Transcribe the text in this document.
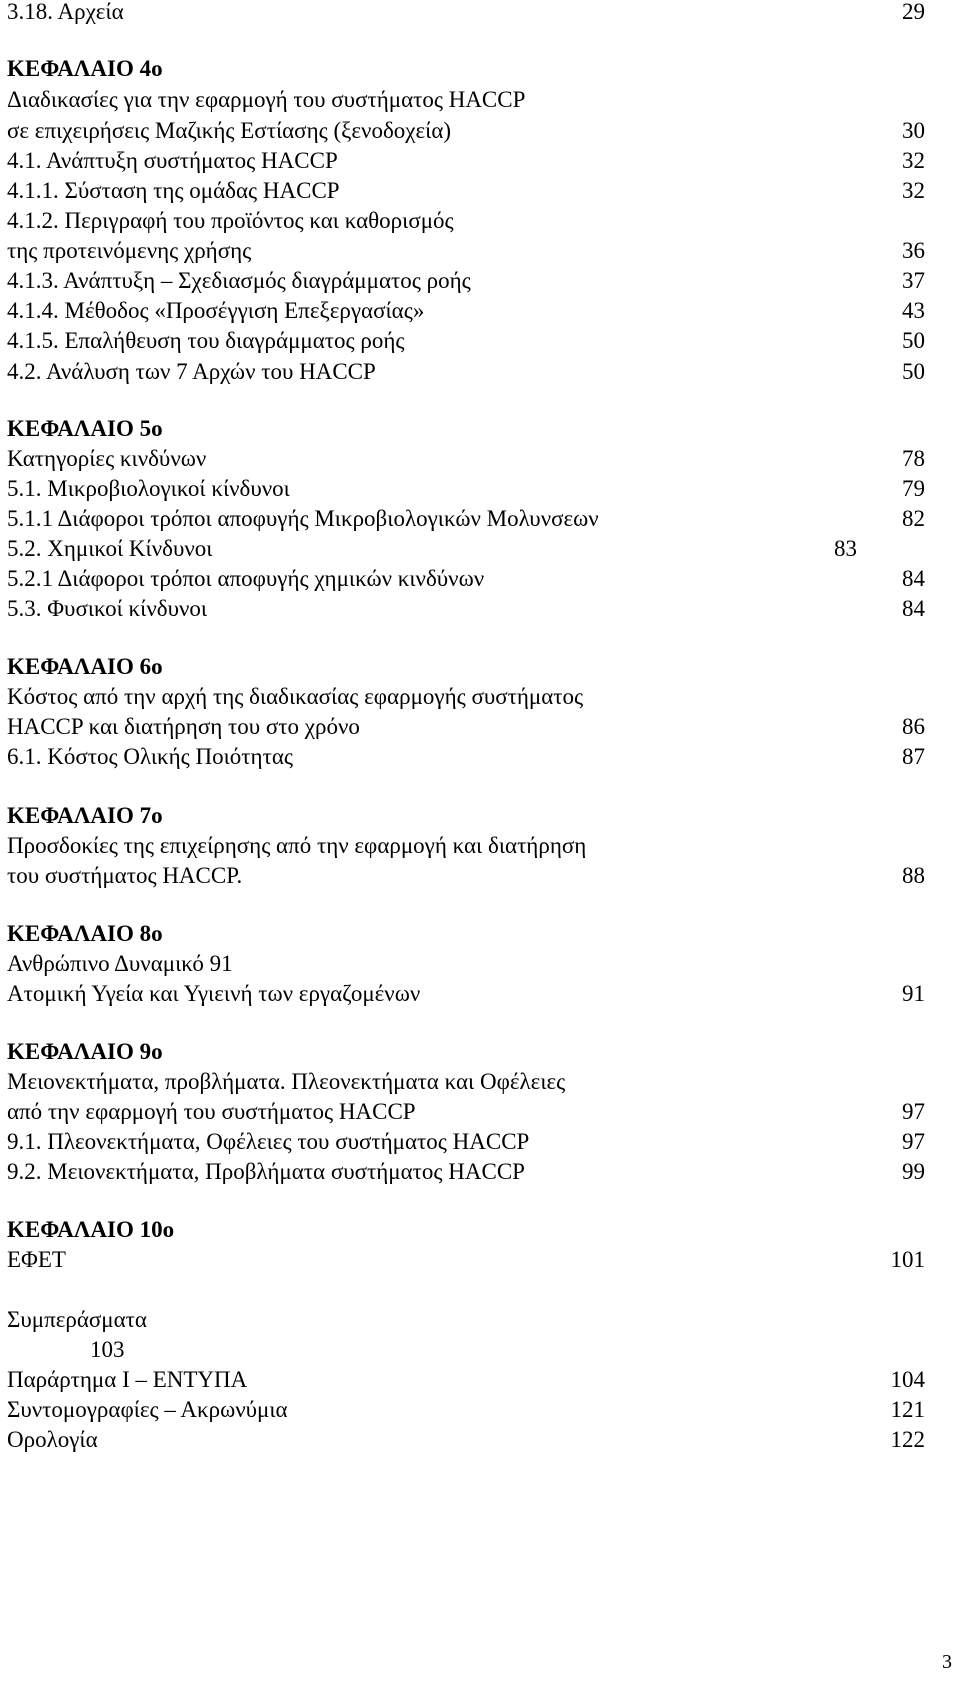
3.18. Αρχεία	29
ΚΕΦΑΛΑΙΟ 4ο
Διαδικασίες για την εφαρμογή του συστήματος HACCP
σε επιχειρήσεις Μαζικής Εστίασης (ξενοδοχεία)	30
4.1. Ανάπτυξη συστήματος HACCP	32
4.1.1. Σύσταση της ομάδας HACCP	32
4.1.2. Περιγραφή του προϊόντος και καθορισμός
της προτεινόμενης χρήσης	36
4.1.3. Ανάπτυξη – Σχεδιασμός διαγράμματος ροής	37
4.1.4. Μέθοδος «Προσέγγιση Επεξεργασίας»	43
4.1.5. Επαλήθευση του διαγράμματος ροής	50
4.2. Ανάλυση των 7 Αρχών του HACCP	50
ΚΕΦΑΛΑΙΟ 5ο
Κατηγορίες κινδύνων	78
5.1. Μικροβιολογικοί κίνδυνοι	79
5.1.1 Διάφοροι τρόποι αποφυγής Μικροβιολογικών Μολυνσεων	82
5.2. Χημικοί Κίνδυνοι	83
5.2.1 Διάφοροι τρόποι αποφυγής χημικών κινδύνων	84
5.3. Φυσικοί κίνδυνοι	84
ΚΕΦΑΛΑΙΟ 6ο
Κόστος από την αρχή της διαδικασίας εφαρμογής συστήματος
HACCP και διατήρηση του στο χρόνο	86
6.1. Κόστος Ολικής Ποιότητας	87
ΚΕΦΑΛΑΙΟ 7ο
Προσδοκίες της επιχείρησης από την εφαρμογή και διατήρηση
του συστήματος HACCP.	88
ΚΕΦΑΛΑΙΟ 8ο
Ανθρώπινο Δυναμικό 91
Ατομική Υγεία και Υγιεινή των εργαζομένων	91
ΚΕΦΑΛΑΙΟ 9ο
Μειονεκτήματα, προβλήματα. Πλεονεκτήματα και Οφέλειες
από την εφαρμογή του συστήματος HACCP	97
9.1. Πλεονεκτήματα, Οφέλειες του συστήματος HACCP	97
9.2. Μειονεκτήματα, Προβλήματα συστήματος HACCP	99
ΚΕΦΑΛΑΙΟ 10ο
ΕΦΕΤ	101
Συμπεράσματα
103
Παράρτημα Ι – ΕΝΤΥΠΑ	104
Συντομογραφίες – Ακρωνύμια	121
Ορολογία	122
3
